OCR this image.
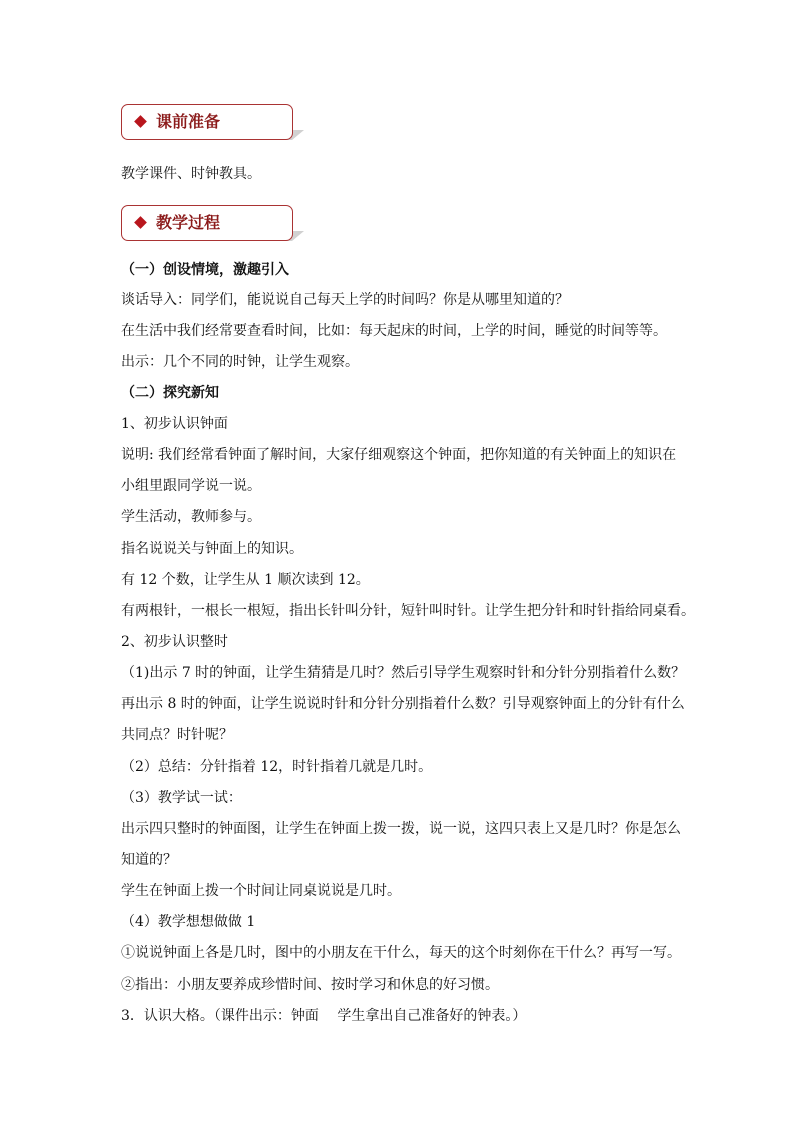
课前准备
教学课件、时钟教具。
教学过程
（一）创设情境，激趣引入
谈话导入：同学们，能说说自己每天上学的时间吗？你是从哪里知道的？
在生活中我们经常要查看时间，比如：每天起床的时间，上学的时间，睡觉的时间等等。
出示：几个不同的时钟，让学生观察。
（二）探究新知
1、初步认识钟面
说明: 我们经常看钟面了解时间，大家仔细观察这个钟面，把你知道的有关钟面上的知识在
小组里跟同学说一说。
学生活动，教师参与。
指名说说关与钟面上的知识。
有 12 个数，让学生从 1 顺次读到 12。
有两根针，一根长一根短，指出长针叫分针，短针叫时针。让学生把分针和时针指给同桌看。
2、初步认识整时
（1)出示 7 时的钟面，让学生猜猜是几时？然后引导学生观察时针和分针分别指着什么数？
再出示 8 时的钟面，让学生说说时针和分针分别指着什么数？引导观察钟面上的分针有什么
共同点？时针呢？
（2）总结：分针指着 12，时针指着几就是几时。
（3）教学试一试：
出示四只整时的钟面图，让学生在钟面上拨一拨，说一说，这四只表上又是几时？你是怎么
知道的？
学生在钟面上拨一个时间让同桌说说是几时。
（4）教学想想做做 1
①说说钟面上各是几时，图中的小朋友在干什么，每天的这个时刻你在干什么？再写一写。
②指出：小朋友要养成珍惜时间、按时学习和休息的好习惯。
3．认识大格。（课件出示：钟面　 学生拿出自己准备好的钟表。）
